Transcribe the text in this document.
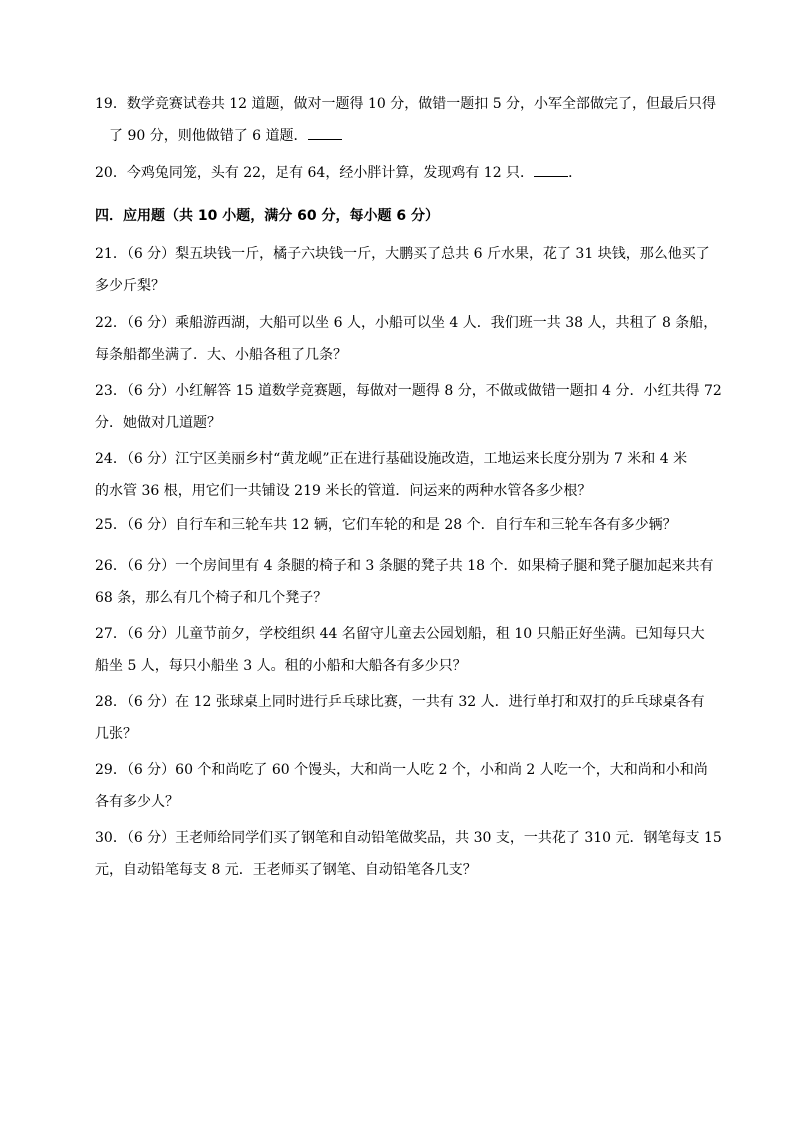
19．数学竞赛试卷共 12 道题，做对一题得 10 分，做错一题扣 5 分，小军全部做完了，但最后只得
了 90 分，则他做错了 6 道题．
20．今鸡兔同笼，头有 22，足有 64，经小胖计算，发现鸡有 12 只． ．
四．应用题（共 10 小题，满分 60 分，每小题 6 分）
21．（6 分）梨五块钱一斤，橘子六块钱一斤，大鹏买了总共 6 斤水果，花了 31 块钱，那么他买了
多少斤梨？
22．（6 分）乘船游西湖，大船可以坐 6 人，小船可以坐 4 人．我们班一共 38 人，共租了 8 条船，
每条船都坐满了．大、小船各租了几条？
23．（6 分）小红解答 15 道数学竞赛题，每做对一题得 8 分，不做或做错一题扣 4 分．小红共得 72
分．她做对几道题？
24．（6 分）江宁区美丽乡村“黄龙岘”正在进行基础设施改造，工地运来长度分别为 7 米和 4 米
的水管 36 根，用它们一共铺设 219 米长的管道．问运来的两种水管各多少根？
25．（6 分）自行车和三轮车共 12 辆，它们车轮的和是 28 个．自行车和三轮车各有多少辆？
26．（6 分）一个房间里有 4 条腿的椅子和 3 条腿的凳子共 18 个．如果椅子腿和凳子腿加起来共有
68 条，那么有几个椅子和几个凳子？
27．（6 分）儿童节前夕，学校组织 44 名留守儿童去公园划船，租 10 只船正好坐满。已知每只大
船坐 5 人，每只小船坐 3 人。租的小船和大船各有多少只？
28．（6 分）在 12 张球桌上同时进行乒乓球比赛，一共有 32 人．进行单打和双打的乒乓球桌各有
几张？
29．（6 分）60 个和尚吃了 60 个馒头，大和尚一人吃 2 个，小和尚 2 人吃一个，大和尚和小和尚
各有多少人？
30．（6 分）王老师给同学们买了钢笔和自动铅笔做奖品，共 30 支，一共花了 310 元．钢笔每支 15
元，自动铅笔每支 8 元．王老师买了钢笔、自动铅笔各几支？
